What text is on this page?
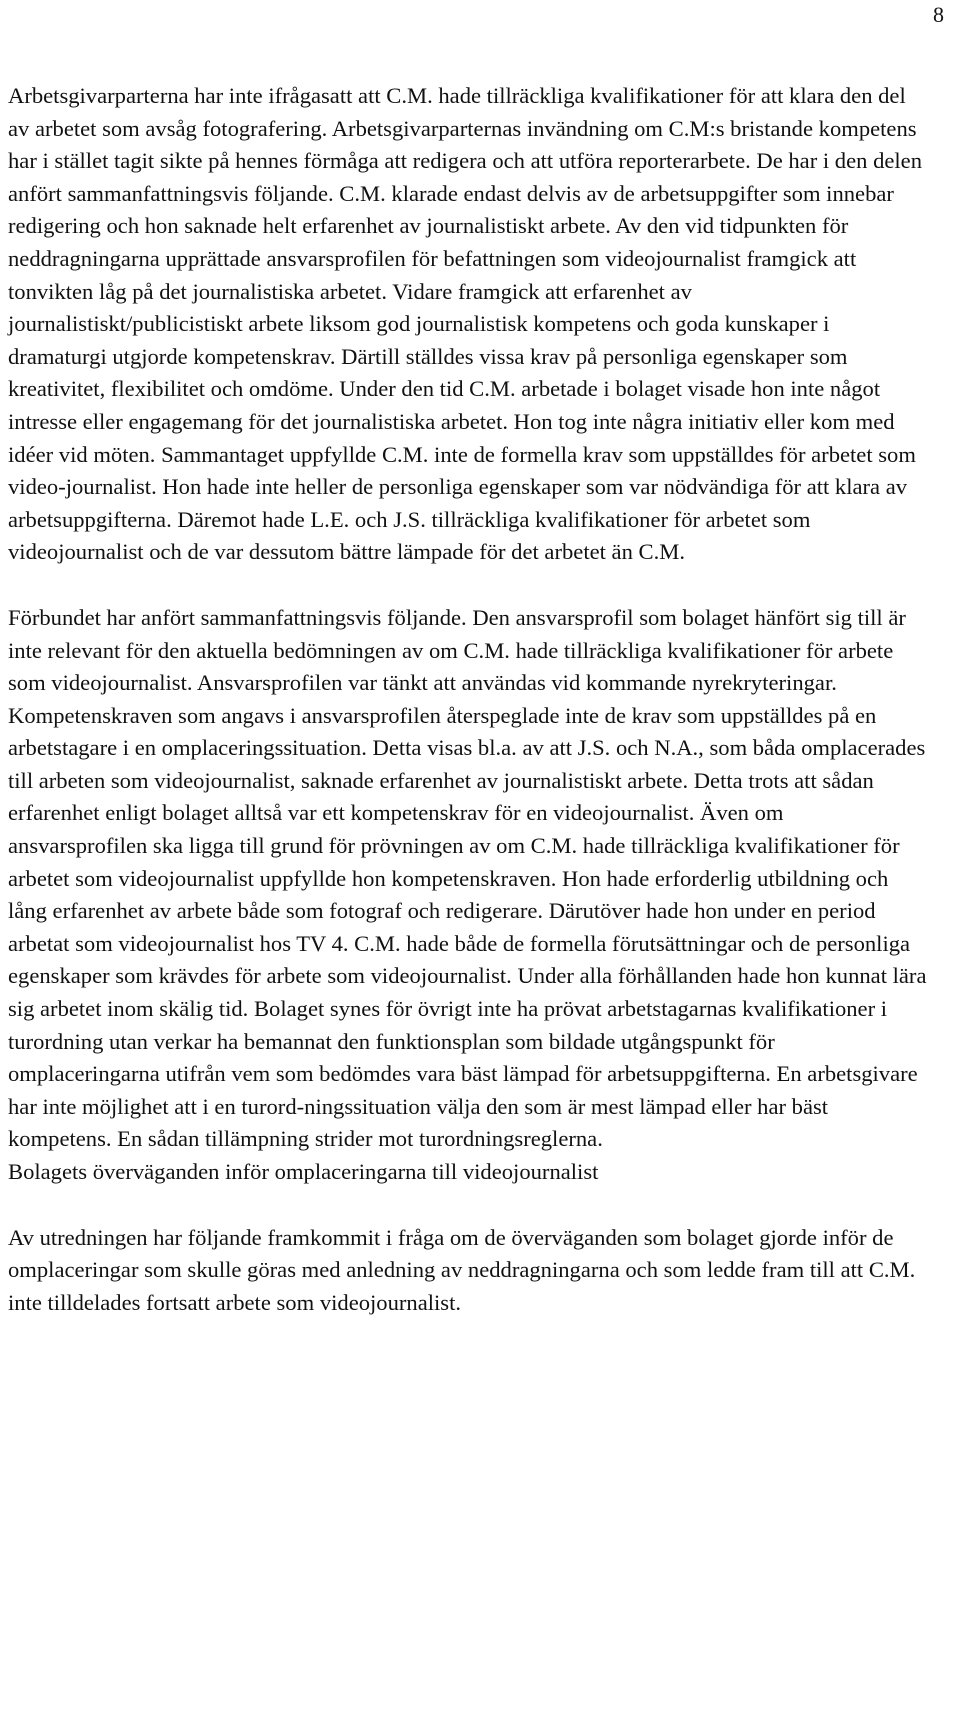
8

Arbetsgivarparterna har inte ifrågasatt att C.M. hade tillräckliga kvalifikationer för att klara den del av arbetet som avsåg fotografering. Arbetsgivarparternas invändning om C.M:s bristande kompetens har i stället tagit sikte på hennes förmåga att redigera och att utföra reporterarbete. De har i den delen anfört sammanfattningsvis följande. C.M. klarade endast delvis av de arbetsuppgifter som innebar redigering och hon saknade helt erfarenhet av journalistiskt arbete. Av den vid tidpunkten för neddragningarna upprättade ansvarsprofilen för befattningen som videojournalist framgick att tonvikten låg på det journalistiska arbetet. Vidare framgick att erfarenhet av journalistiskt/publicistiskt arbete liksom god journalistisk kompetens och goda kunskaper i dramaturgi utgjorde kompetenskrav. Därtill ställdes vissa krav på personliga egenskaper som kreativitet, flexibilitet och omdöme. Under den tid C.M. arbetade i bolaget visade hon inte något intresse eller engagemang för det journalistiska arbetet. Hon tog inte några initiativ eller kom med idéer vid möten. Sammantaget uppfyllde C.M. inte de formella krav som uppställdes för arbetet som video-journalist. Hon hade inte heller de personliga egenskaper som var nödvändiga för att klara av arbetsuppgifterna. Däremot hade L.E. och J.S. tillräckliga kvalifikationer för arbetet som videojournalist och de var dessutom bättre lämpade för det arbetet än C.M.

Förbundet har anfört sammanfattningsvis följande. Den ansvarsprofil som bolaget hänfört sig till är inte relevant för den aktuella bedömningen av om C.M. hade tillräckliga kvalifikationer för arbete som videojournalist. Ansvarsprofilen var tänkt att användas vid kommande nyrekryteringar. Kompetenskraven som angavs i ansvarsprofilen återspeglade inte de krav som uppställdes på en arbetstagare i en omplaceringssituation. Detta visas bl.a. av att J.S. och N.A., som båda omplacerades till arbeten som videojournalist, saknade erfarenhet av journalistiskt arbete. Detta trots att sådan erfarenhet enligt bolaget alltså var ett kompetenskrav för en videojournalist. Även om ansvarsprofilen ska ligga till grund för prövningen av om C.M. hade tillräckliga kvalifikationer för arbetet som videojournalist uppfyllde hon kompetenskraven. Hon hade erforderlig utbildning och lång erfarenhet av arbete både som fotograf och redigerare. Därutöver hade hon under en period arbetat som videojournalist hos TV 4. C.M. hade både de formella förutsättningar och de personliga egenskaper som krävdes för arbete som videojournalist. Under alla förhållanden hade hon kunnat lära sig arbetet inom skälig tid. Bolaget synes för övrigt inte ha prövat arbetstagarnas kvalifikationer i turordning utan verkar ha bemannat den funktionsplan som bildade utgångspunkt för omplaceringarna utifrån vem som bedömdes vara bäst lämpad för arbetsuppgifterna. En arbetsgivare har inte möjlighet att i en turord-ningssituation välja den som är mest lämpad eller har bäst kompetens. En sådan tillämpning strider mot turordningsreglerna.

Bolagets överväganden inför omplaceringarna till videojournalist

Av utredningen har följande framkommit i fråga om de överväganden som bolaget gjorde inför de omplaceringar som skulle göras med anledning av neddragningarna och som ledde fram till att C.M. inte tilldelades fortsatt arbete som videojournalist.
